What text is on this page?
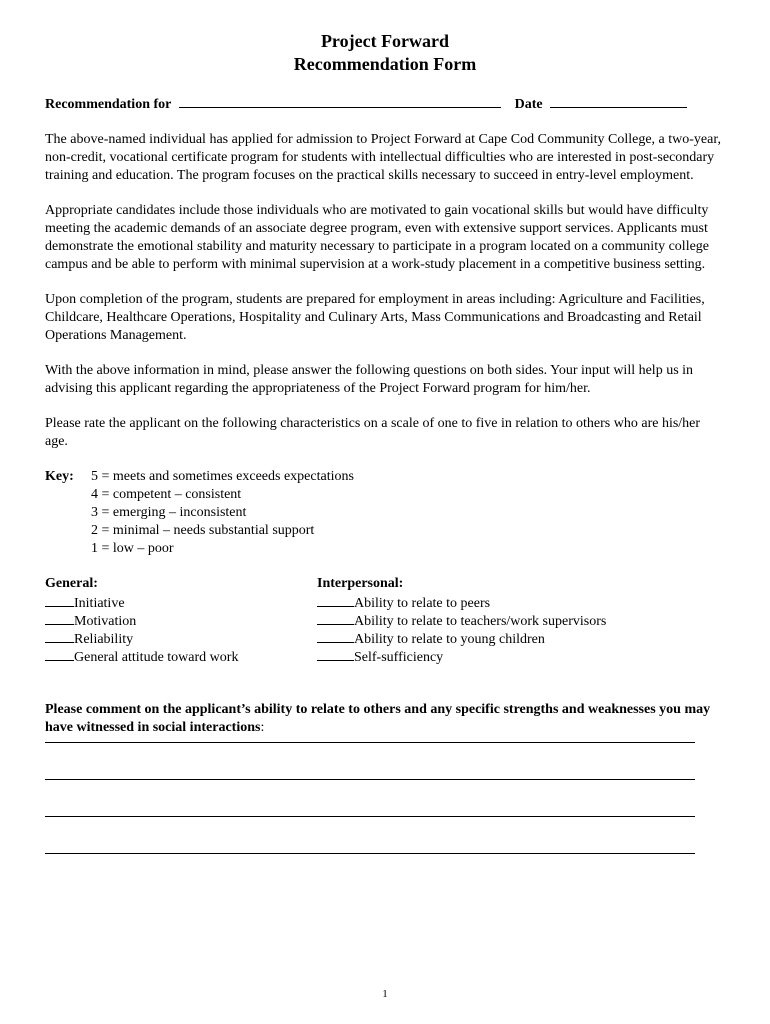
Project Forward
Recommendation Form
Recommendation for	Date

The above-named individual has applied for admission to Project Forward at Cape Cod Community College, a two-year, non-credit, vocational certificate program for students with intellectual difficulties who are interested in post-secondary training and education. The program focuses on the practical skills necessary to succeed in entry-level employment.

Appropriate candidates include those individuals who are motivated to gain vocational skills but would have difficulty meeting the academic demands of an associate degree program, even with extensive support services. Applicants must demonstrate the emotional stability and maturity necessary to participate in a program located on a community college campus and be able to perform with minimal supervision at a work-study placement in a competitive business setting.

Upon completion of the program, students are prepared for employment in areas including: Agriculture and Facilities, Childcare, Healthcare Operations, Hospitality and Culinary Arts, Mass Communications and Broadcasting and Retail Operations Management.

With the above information in mind, please answer the following questions on both sides. Your input will help us in advising this applicant regarding the appropriateness of the Project Forward program for him/her.

Please rate the applicant on the following characteristics on a scale of one to five in relation to others who are his/her age.

Key:	5 = meets and sometimes exceeds expectations
4 = competent – consistent
3 = emerging – inconsistent
2 = minimal – needs substantial support
1 = low – poor
General:
Initiative
Motivation
Reliability
General attitude toward work
Interpersonal:
Ability to relate to peers
Ability to relate to teachers/work supervisors
Ability to relate to young children
Self-sufficiency
Please comment on the applicant’s ability to relate to others and any specific strengths and weaknesses you may have witnessed in social interactions:
1
